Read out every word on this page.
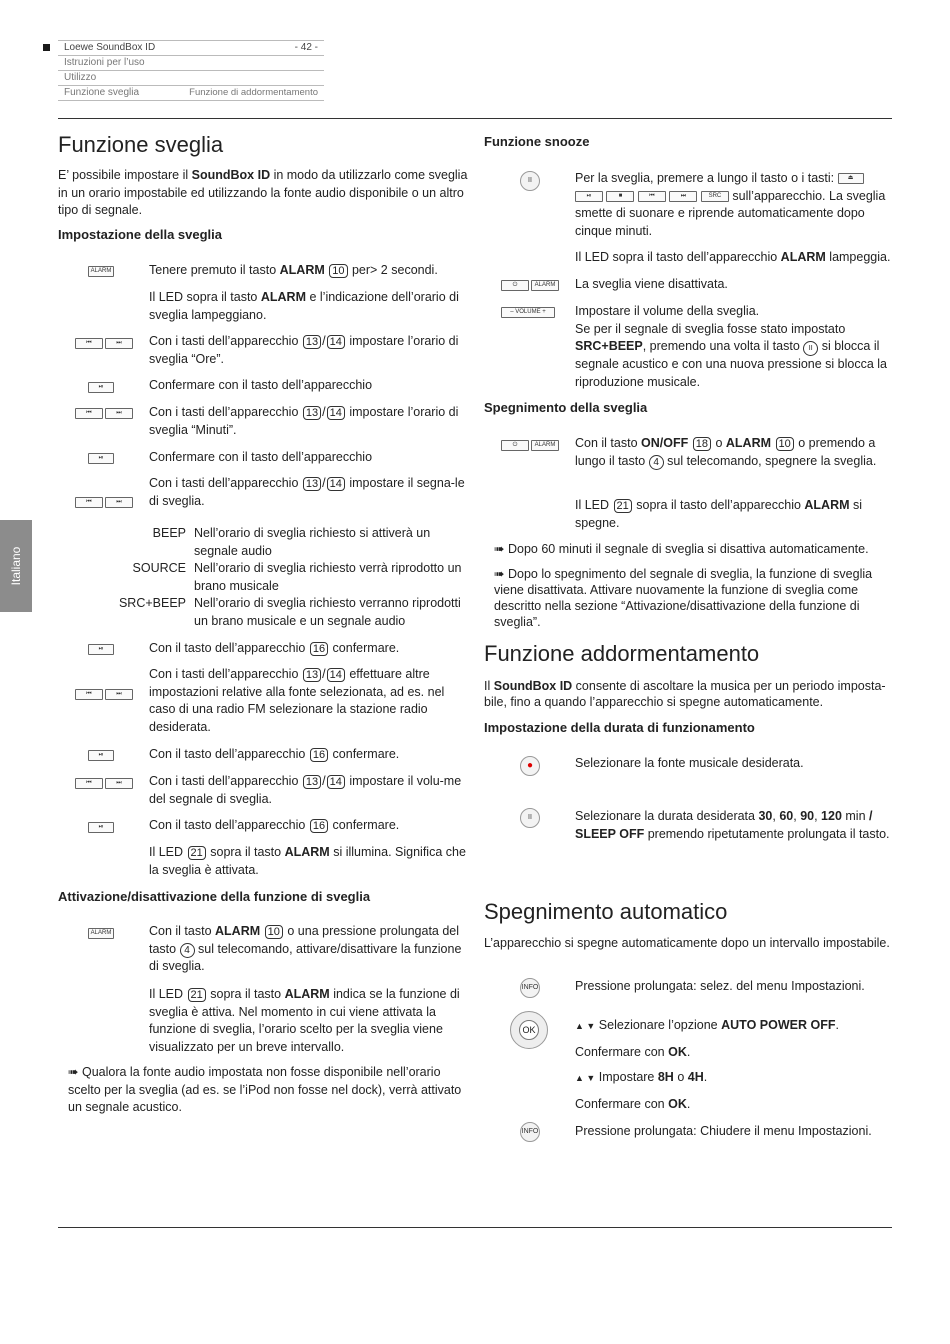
Loewe SoundBox ID	- 42 -
Istruzioni per l’uso
Utilizzo
Funzione sveglia	Funzione di addormentamento
Italiano
Funzione sveglia
E’ possibile impostare il SoundBox ID in modo da utilizzarlo come sveglia in un orario impostabile ed utilizzando la fonte audio disponibile o un altro tipo di segnale.
Impostazione della sveglia
ALARM	Tenere premuto il tasto ALARM 10 per> 2 secondi.
Il LED sopra il tasto ALARM e l’indicazione dell’orario di sveglia lampeggiano.
⏮	⏭	Con i tasti dell’apparecchio 13 / 14 impostare l’orario di sveglia “Ore”.
⏯	Confermare con il tasto dell’apparecchio
⏮	⏭	Con i tasti dell’apparecchio 13 / 14 impostare l’orario di sveglia “Minuti”.
⏯	Confermare con il tasto dell’apparecchio
⏮	⏭
Con i tasti dell’apparecchio 13 / 14 impostare il segna-le di sveglia.
BEEP Nell’orario di sveglia richiesto si attiverà un segnale audio
SOURCE Nell’orario di sveglia richiesto verrà riprodotto un brano musicale
SRC+BEEP Nell’orario di sveglia richiesto verranno riprodotti un brano musicale e un segnale audio
⏯	Con il tasto dell’apparecchio 16 confermare.
⏮	⏭
Con i tasti dell’apparecchio 13 / 14 effettuare altre impostazioni relative alla fonte selezionata, ad es. nel caso di una radio FM selezionare la stazione radio desiderata.
⏯	Con il tasto dell’apparecchio 16 confermare.
⏮	⏭	Con i tasti dell’apparecchio 13 / 14 impostare il volu-me del segnale di sveglia.
⏯	Con il tasto dell’apparecchio 16 confermare.
Il LED 21 sopra il tasto ALARM si illumina. Significa che la sveglia è attivata.
Attivazione/disattivazione della funzione di sveglia
ALARM	Con il tasto ALARM 10 o una pressione prolungata del tasto 4 sul telecomando, attivare/disattivare la funzione di sveglia.
Il LED 21 sopra il tasto ALARM indica se la funzione di sveglia è attiva. Nel momento in cui viene attivata la funzione di sveglia, l’orario scelto per la sveglia viene visualizzato per un breve intervallo.
➠ Qualora la fonte audio impostata non fosse disponibile nell’orario scelto per la sveglia (ad es. se l’iPod non fosse nel dock), verrà attivato un segnale acustico.
Funzione snooze
II	Per la sveglia, premere a lungo il tasto o i tasti: ⏏
⏯	■	⏮	⏭	SRC sull’apparecchio. La sveglia smette di suonare e riprende automaticamente dopo cinque minuti.
Il LED sopra il tasto dell’apparecchio ALARM lampeggia.
⏻	ALARM La sveglia viene disattivata.
– VOLUME +	Impostare il volume della sveglia.
Se per il segnale di sveglia fosse stato impostato SRC+BEEP, premendo una volta il tasto II si blocca il segnale acustico e con una nuova pressione si blocca la riproduzione musicale.
Spegnimento della sveglia
⏻	ALARM Con il tasto ON/OFF 18 o ALARM 10 o premendo a lungo il tasto 4 sul telecomando, spegnere la sveglia.
Il LED 21 sopra il tasto dell’apparecchio ALARM si spegne.
➠ Dopo 60 minuti il segnale di sveglia si disattiva automaticamente.
➠ Dopo lo spegnimento del segnale di sveglia, la funzione di sveglia viene disattivata. Attivare nuovamente la funzione di sveglia come descritto nella sezione “Attivazione/disattivazione della funzione di sveglia”.
Funzione addormentamento
Il SoundBox ID consente di ascoltare la musica per un periodo imposta-bile, fino a quando l’apparecchio si spegne automaticamente.
Impostazione della durata di funzionamento
●	Selezionare la fonte musicale desiderata.
II	Selezionare la durata desiderata 30, 60, 90, 120 min / SLEEP OFF premendo ripetutamente prolungata il tasto.
Spegnimento automatico
L’apparecchio si spegne automaticamente dopo un intervallo impostabile.
INFO	Pressione prolungata: selez. del menu Impostazioni.
OK	▲ ▼ Selezionare l’opzione AUTO POWER OFF.
Confermare con OK.
▲ ▼ Impostare 8H o 4H.
Confermare con OK.
INFO	Pressione prolungata: Chiudere il menu Impostazioni.
